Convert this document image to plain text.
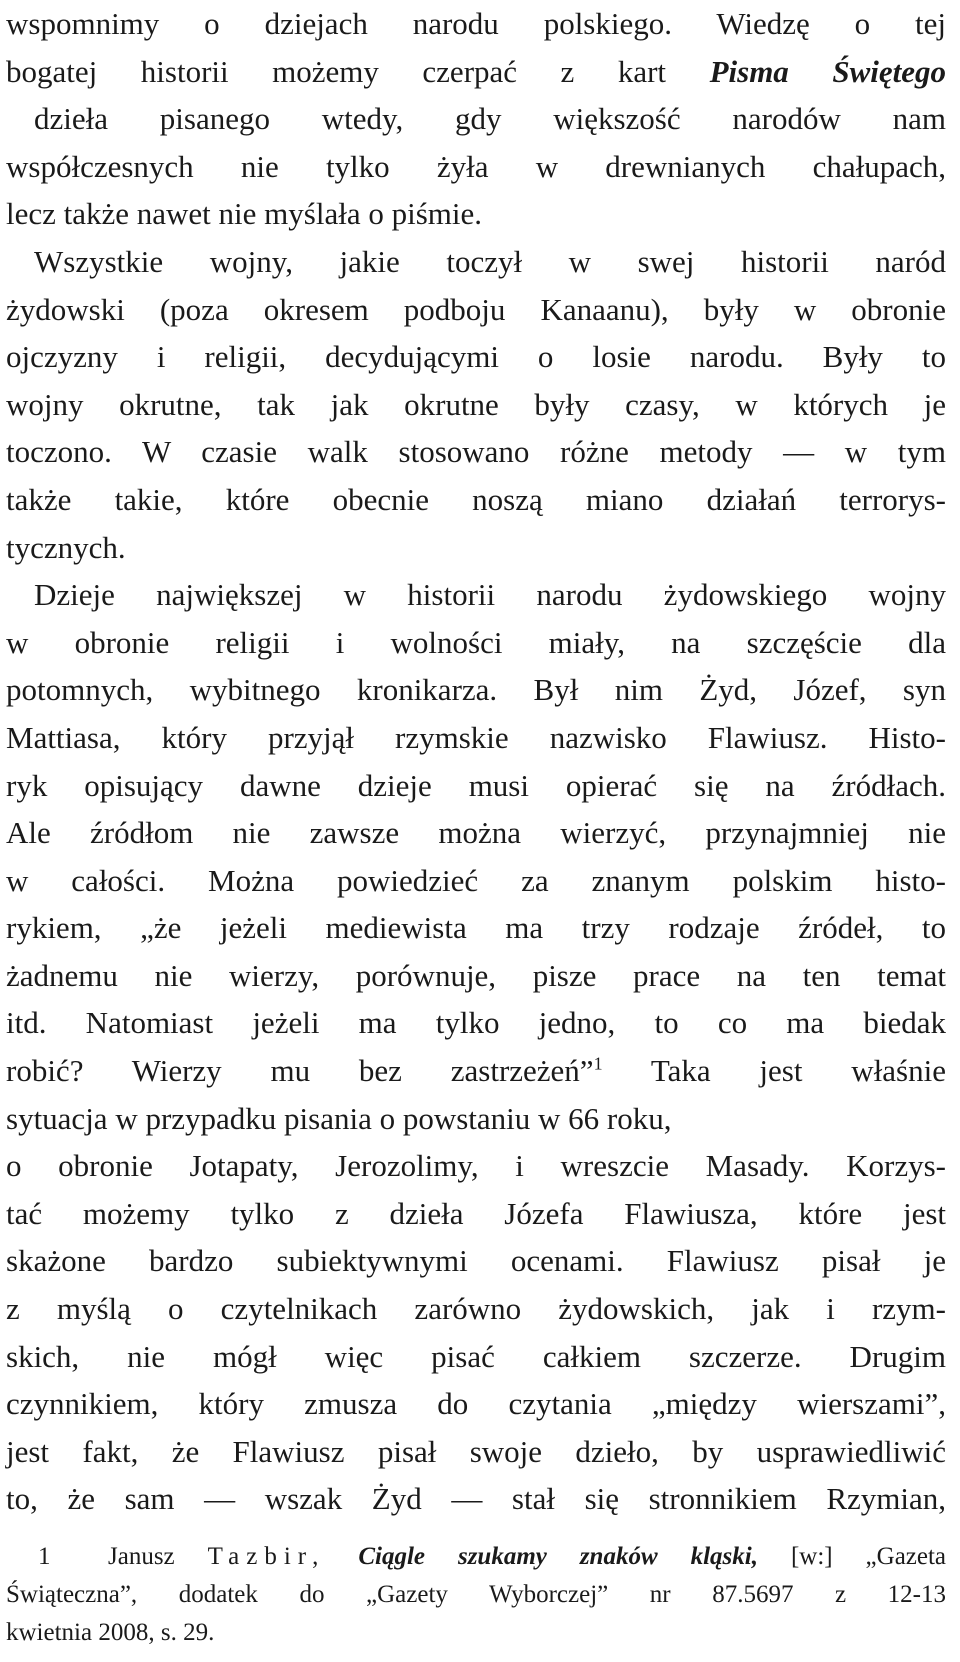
wspomnimy o dziejach narodu polskiego. Wiedzę o tej
bogatej historii możemy czerpać z kart Pisma Świętego
dzieła pisanego wtedy, gdy większość narodów nam
współczesnych nie tylko żyła w drewnianych chałupach,
lecz także nawet nie myślała o piśmie.
Wszystkie wojny, jakie toczył w swej historii naród
żydowski (poza okresem podboju Kanaanu), były w obronie
ojczyzny i religii, decydującymi o losie narodu. Były to
wojny okrutne, tak jak okrutne były czasy, w których je
toczono. W czasie walk stosowano różne metody — w tym
także takie, które obecnie noszą miano działań terrorys-
tycznych.
Dzieje największej w historii narodu żydowskiego wojny
w obronie religii i wolności miały, na szczęście dla
potomnych, wybitnego kronikarza. Był nim Żyd, Józef, syn
Mattiasa, który przyjął rzymskie nazwisko Flawiusz. Histo-
ryk opisujący dawne dzieje musi opierać się na źródłach.
Ale źródłom nie zawsze można wierzyć, przynajmniej nie
w całości. Można powiedzieć za znanym polskim histo-
rykiem, „że jeżeli mediewista ma trzy rodzaje źródeł, to
żadnemu nie wierzy, porównuje, pisze prace na ten temat
itd. Natomiast jeżeli ma tylko jedno, to co ma biedak
robić? Wierzy mu bez zastrzeżeń”$^1$ Taka jest właśnie
sytuacja w przypadku pisania o powstaniu w 66 roku,
o obronie Jotapaty, Jerozolimy, i wreszcie Masady. Korzys-
tać możemy tylko z dzieła Józefa Flawiusza, które jest
skażone bardzo subiektywnymi ocenami. Flawiusz pisał je
z myślą o czytelnikach zarówno żydowskich, jak i rzym-
skich, nie mógł więc pisać całkiem szczerze. Drugim
czynnikiem, który zmusza do czytania „między wierszami”,
jest fakt, że Flawiusz pisał swoje dzieło, by usprawiedliwić
to, że sam — wszak Żyd — stał się stronnikiem Rzymian,
1 Janusz Tazbir, Ciągle szukamy znaków kląski, [w:] „Gazeta
Świąteczna”, dodatek do „Gazety Wyborczej” nr 87.5697 z 12-13
kwietnia 2008, s. 29.
